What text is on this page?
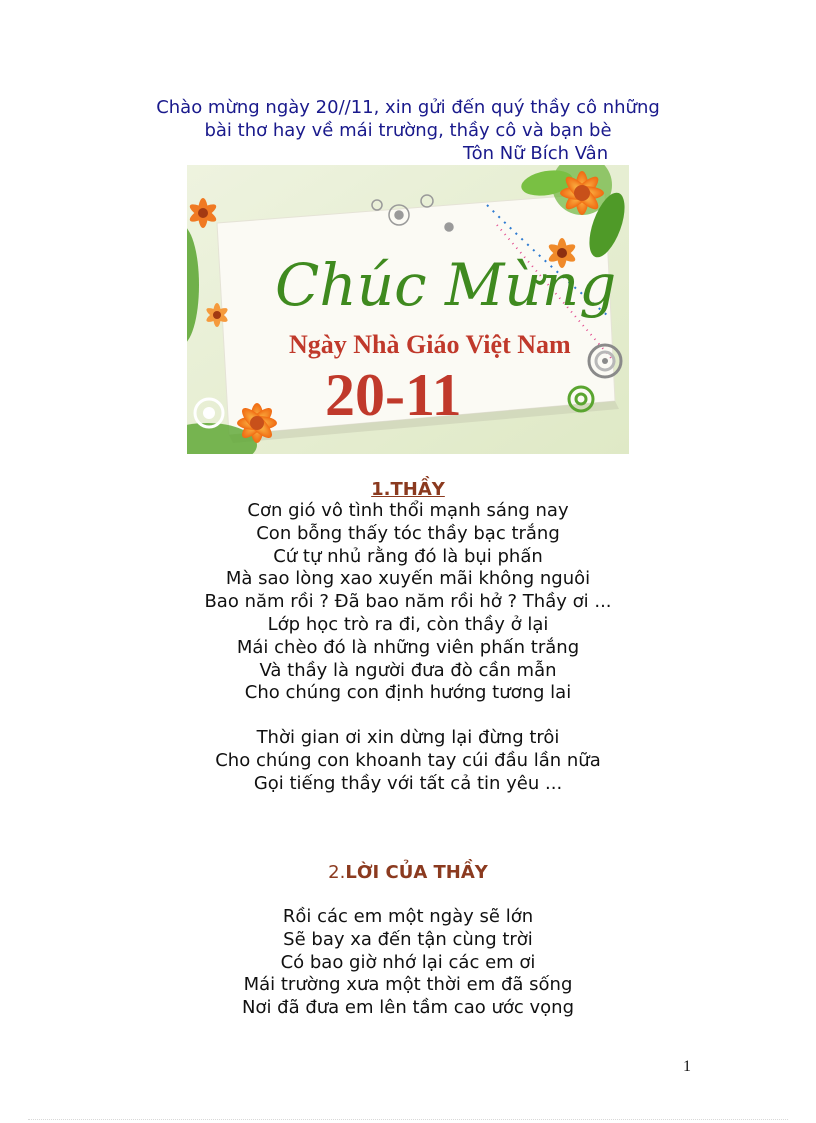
Chào mừng ngày 20//11, xin gửi đến quý thầy cô những
bài thơ hay về mái trường, thầy cô và bạn bè
Tôn Nữ Bích Vân
Chúc Mừng
Ngày Nhà Giáo Việt Nam
20-11
1.THẦY
Cơn gió vô tình thổi mạnh sáng nay
Con bỗng thấy tóc thầy bạc trắng
Cứ tự nhủ rằng đó là bụi phấn
Mà sao lòng xao xuyến mãi không nguôi
Bao năm rồi ? Đã bao năm rồi hở ? Thầy ơi ...
Lớp học trò ra đi, còn thầy ở lại
Mái chèo đó là những viên phấn trắng
Và thầy là người đưa đò cần mẫn
Cho chúng con định hướng tương lai
Thời gian ơi xin dừng lại đừng trôi
Cho chúng con khoanh tay cúi đầu lần nữa
Gọi tiếng thầy với tất cả tin yêu ...
2.LỜI CỦA THẦY
Rồi các em một ngày sẽ lớn
Sẽ bay xa đến tận cùng trời
Có bao giờ nhớ lại các em ơi
Mái trường xưa một thời em đã sống
Nơi đã đưa em lên tầm cao ước vọng
1
